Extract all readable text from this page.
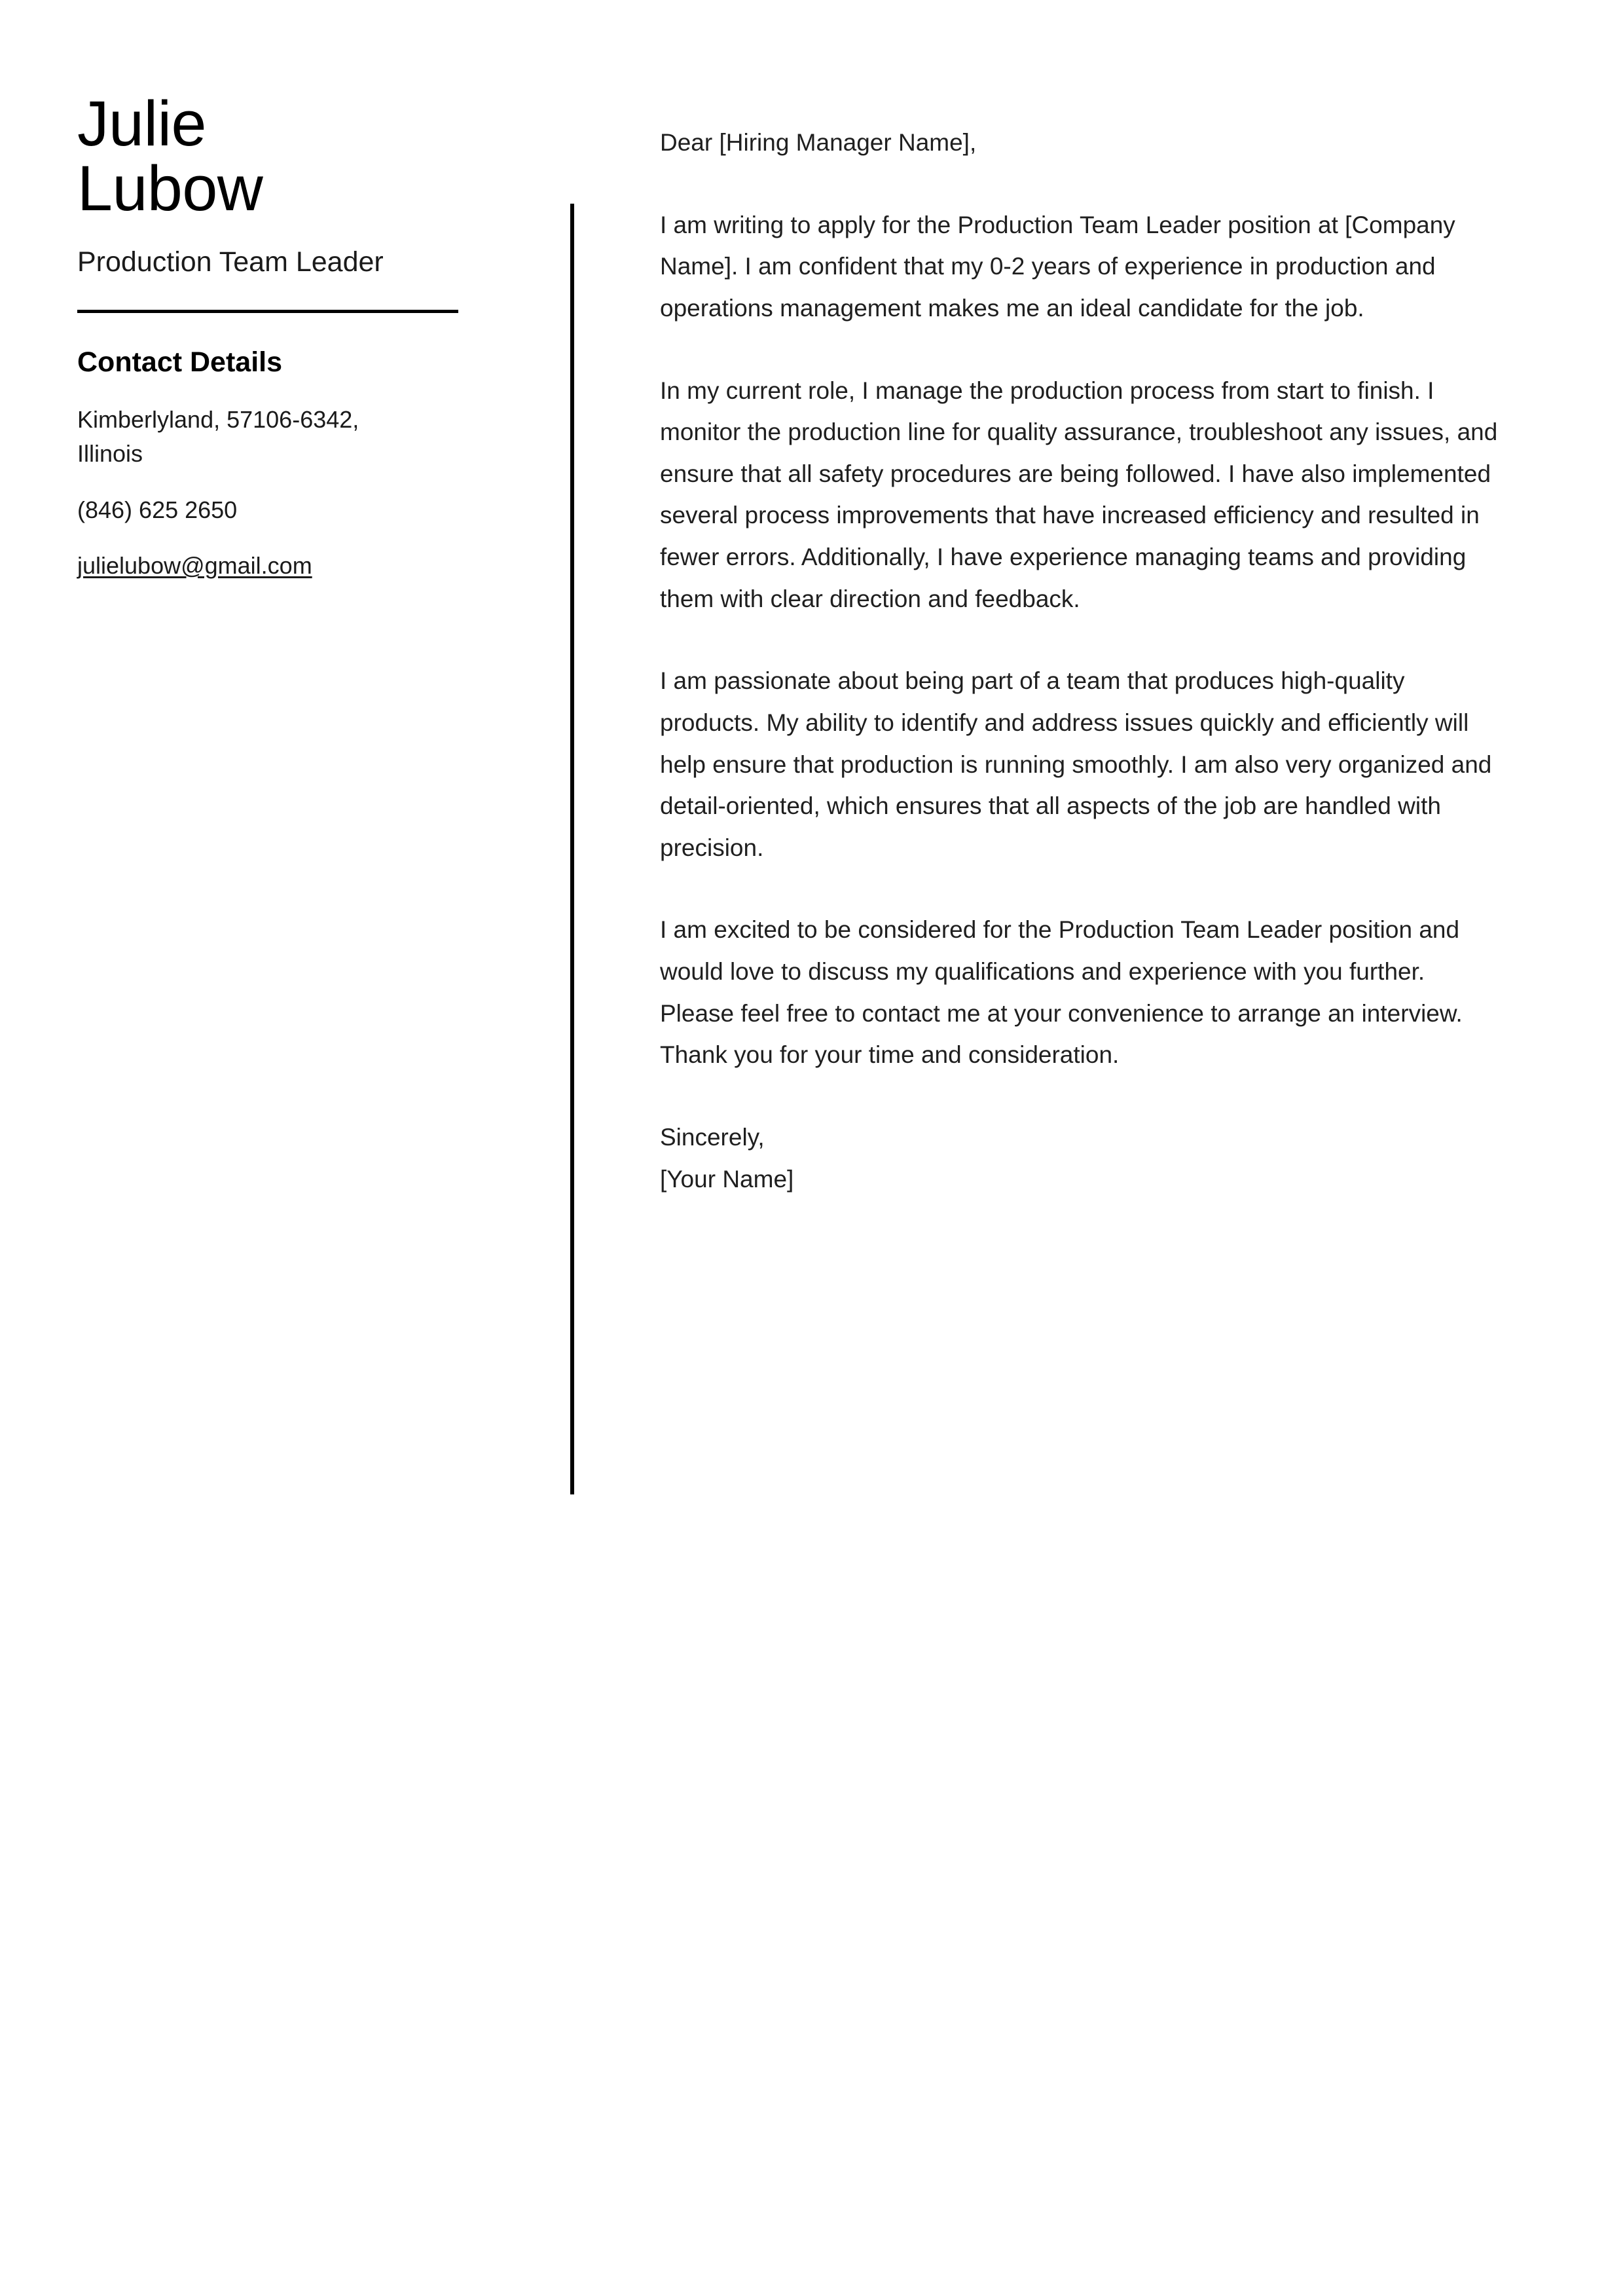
Julie
Lubow
Production Team Leader
Contact Details
Kimberlyland, 57106-6342, Illinois
(846) 625 2650
julielubow@gmail.com

Dear [Hiring Manager Name],

I am writing to apply for the Production Team Leader position at [Company Name]. I am confident that my 0-2 years of experience in production and operations management makes me an ideal candidate for the job.

In my current role, I manage the production process from start to finish. I monitor the production line for quality assurance, troubleshoot any issues, and ensure that all safety procedures are being followed. I have also implemented several process improvements that have increased efficiency and resulted in fewer errors. Additionally, I have experience managing teams and providing them with clear direction and feedback.

I am passionate about being part of a team that produces high-quality products. My ability to identify and address issues quickly and efficiently will help ensure that production is running smoothly. I am also very organized and detail-oriented, which ensures that all aspects of the job are handled with precision.

I am excited to be considered for the Production Team Leader position and would love to discuss my qualifications and experience with you further. Please feel free to contact me at your convenience to arrange an interview. Thank you for your time and consideration.

Sincerely,

[Your Name]
